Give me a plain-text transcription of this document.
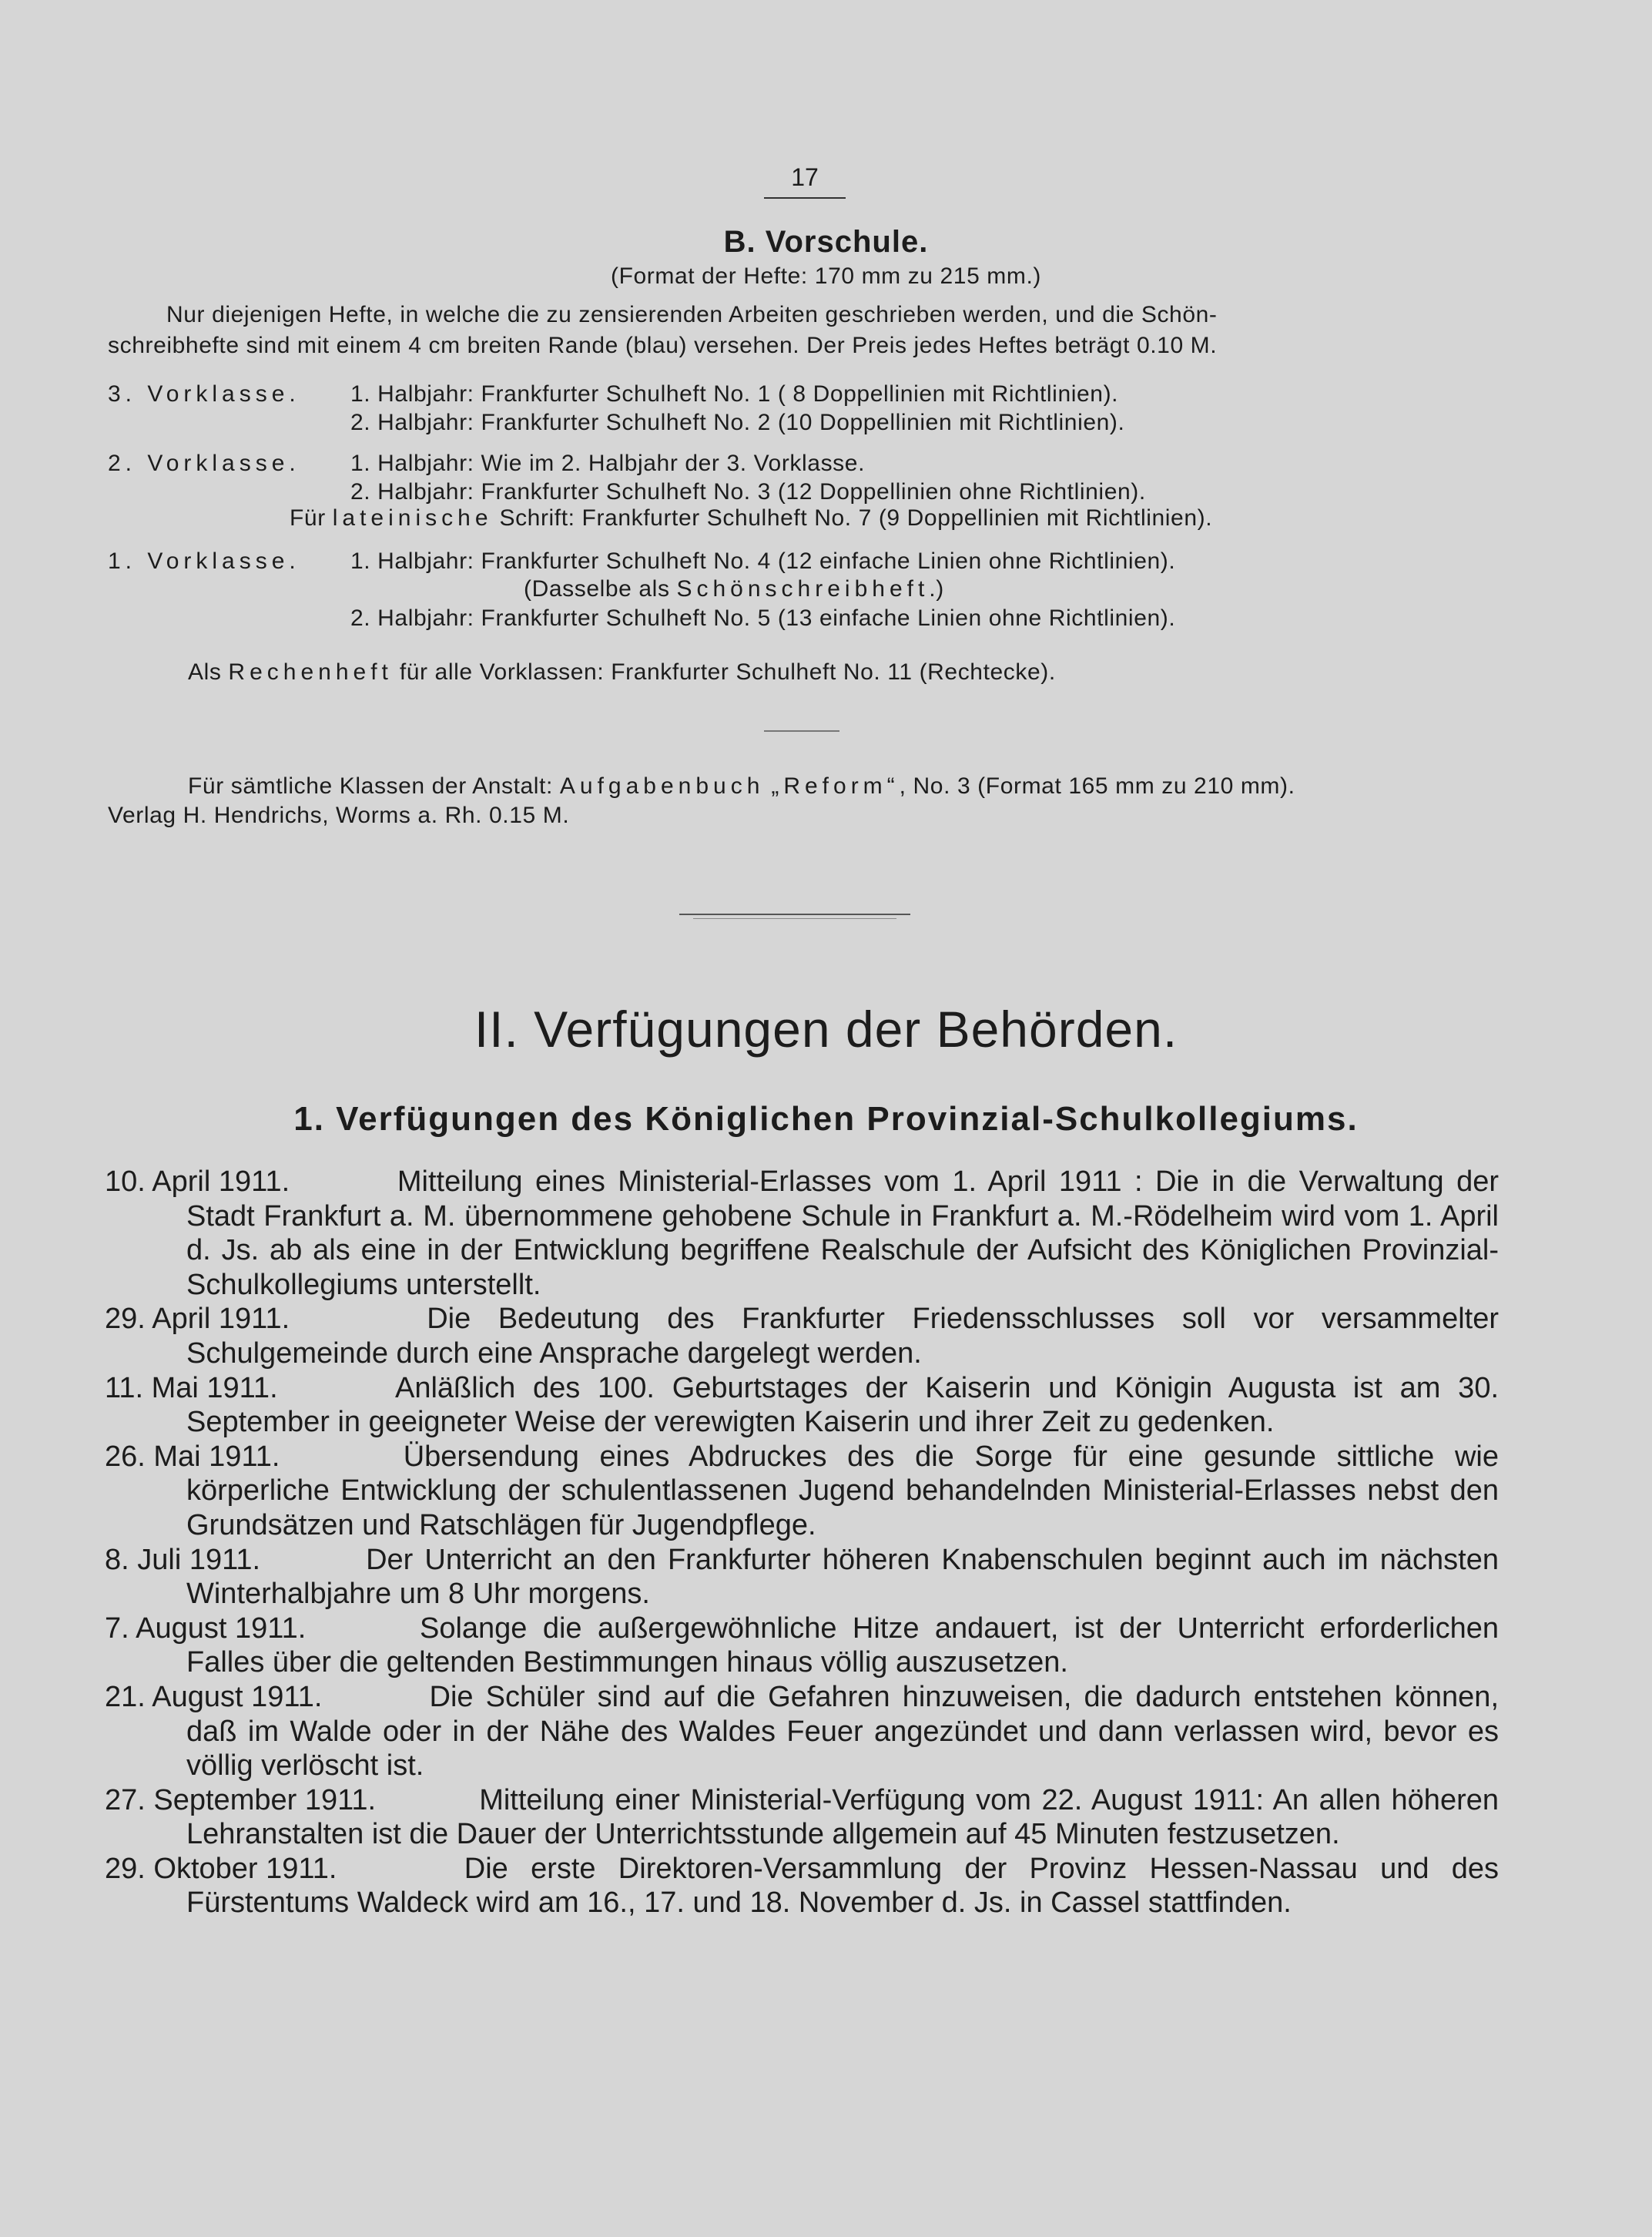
17
B. Vorschule.
(Format der Hefte: 170 mm zu 215 mm.)
Nur diejenigen Hefte, in welche die zu zensierenden Arbeiten geschrieben werden, und die Schön-
schreibhefte sind mit einem 4 cm breiten Rande (blau) versehen. Der Preis jedes Heftes beträgt 0.10 M.
3. Vorklasse. 1. Halbjahr: Frankfurter Schulheft No. 1 ( 8 Doppellinien mit Richtlinien).
2. Halbjahr: Frankfurter Schulheft No. 2 (10 Doppellinien mit Richtlinien).
2. Vorklasse. 1. Halbjahr: Wie im 2. Halbjahr der 3. Vorklasse.
2. Halbjahr: Frankfurter Schulheft No. 3 (12 Doppellinien ohne Richtlinien).
Für lateinische Schrift: Frankfurter Schulheft No. 7 (9 Doppellinien mit Richtlinien).
1. Vorklasse. 1. Halbjahr: Frankfurter Schulheft No. 4 (12 einfache Linien ohne Richtlinien).
(Dasselbe als Schönschreibheft.)
2. Halbjahr: Frankfurter Schulheft No. 5 (13 einfache Linien ohne Richtlinien).
Als Rechenheft für alle Vorklassen: Frankfurter Schulheft No. 11 (Rechtecke).
Für sämtliche Klassen der Anstalt: Aufgabenbuch „Reform“, No. 3 (Format 165 mm zu 210 mm).
Verlag H. Hendrichs, Worms a. Rh. 0.15 M.
II. Verfügungen der Behörden.
1. Verfügungen des Königlichen Provinzial-Schulkollegiums.
10. April 1911.	Mitteilung eines Ministerial-Erlasses vom 1. April 1911 : Die in die Verwaltung der Stadt Frankfurt a. M. übernommene gehobene Schule in Frankfurt a. M.-Rödelheim wird vom 1. April d. Js. ab als eine in der Entwicklung begriffene Realschule der Aufsicht des Königlichen Provinzial-Schulkollegiums unterstellt.
29. April 1911.	Die Bedeutung des Frankfurter Friedensschlusses soll vor versammelter Schulgemeinde durch eine Ansprache dargelegt werden.
11. Mai 1911.	Anläßlich des 100. Geburtstages der Kaiserin und Königin Augusta ist am 30. September in geeigneter Weise der verewigten Kaiserin und ihrer Zeit zu gedenken.
26. Mai 1911.	Übersendung eines Abdruckes des die Sorge für eine gesunde sittliche wie körperliche Entwicklung der schulentlassenen Jugend behandelnden Ministerial-Erlasses nebst den Grundsätzen und Ratschlägen für Jugendpflege.
8. Juli 1911.	Der Unterricht an den Frankfurter höheren Knabenschulen beginnt auch im nächsten Winterhalbjahre um 8 Uhr morgens.
7. August 1911.	Solange die außergewöhnliche Hitze andauert, ist der Unterricht erforderlichen Falles über die geltenden Bestimmungen hinaus völlig auszusetzen.
21. August 1911.	Die Schüler sind auf die Gefahren hinzuweisen, die dadurch entstehen können, daß im Walde oder in der Nähe des Waldes Feuer angezündet und dann verlassen wird, bevor es völlig verlöscht ist.
27. September 1911.	Mitteilung einer Ministerial-Verfügung vom 22. August 1911: An allen höheren Lehranstalten ist die Dauer der Unterrichtsstunde allgemein auf 45 Minuten festzusetzen.
29. Oktober 1911.	Die erste Direktoren-Versammlung der Provinz Hessen-Nassau und des Fürstentums Waldeck wird am 16., 17. und 18. November d. Js. in Cassel stattfinden.
